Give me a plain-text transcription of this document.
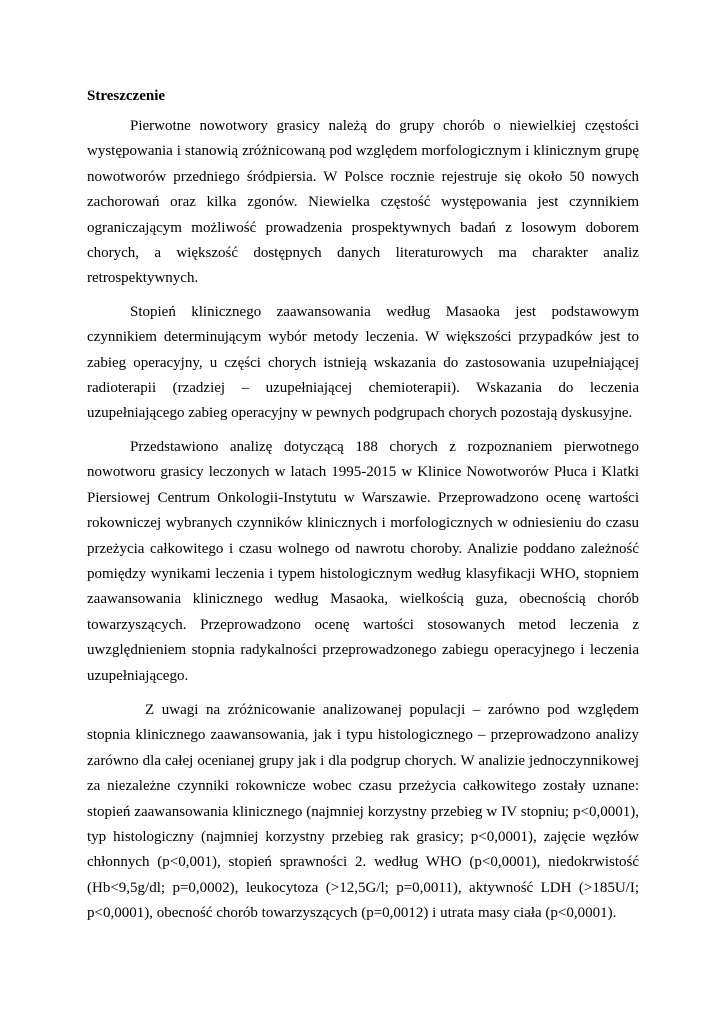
Streszczenie

Pierwotne nowotwory grasicy należą do grupy chorób o niewielkiej częstości występowania i stanowią zróżnicowaną pod względem morfologicznym i klinicznym grupę nowotworów przedniego śródpiersia. W Polsce rocznie rejestruje się około 50 nowych zachorowań oraz kilka zgonów. Niewielka częstość występowania jest czynnikiem ograniczającym możliwość prowadzenia prospektywnych badań z losowym doborem chorych, a większość dostępnych danych literaturowych ma charakter analiz retrospektywnych.

Stopień klinicznego zaawansowania według Masaoka jest podstawowym czynnikiem determinującym wybór metody leczenia. W większości przypadków jest to zabieg operacyjny, u części chorych istnieją wskazania do zastosowania uzupełniającej radioterapii (rzadziej – uzupełniającej chemioterapii). Wskazania do leczenia uzupełniającego zabieg operacyjny w pewnych podgrupach chorych pozostają dyskusyjne.

Przedstawiono analizę dotyczącą 188 chorych z rozpoznaniem pierwotnego nowotworu grasicy leczonych w latach 1995-2015 w Klinice Nowotworów Płuca i Klatki Piersiowej Centrum Onkologii-Instytutu w Warszawie. Przeprowadzono ocenę wartości rokowniczej wybranych czynników klinicznych i morfologicznych w odniesieniu do czasu przeżycia całkowitego i czasu wolnego od nawrotu choroby. Analizie poddano zależność pomiędzy wynikami leczenia i typem histologicznym według klasyfikacji WHO, stopniem zaawansowania klinicznego według Masaoka, wielkością guza, obecnością chorób towarzyszących. Przeprowadzono ocenę wartości stosowanych metod leczenia z uwzględnieniem stopnia radykalności przeprowadzonego zabiegu operacyjnego i leczenia uzupełniającego.

Z uwagi na zróżnicowanie analizowanej populacji – zarówno pod względem stopnia klinicznego zaawansowania, jak i typu histologicznego – przeprowadzono analizy zarówno dla całej ocenianej grupy jak i dla podgrup chorych. W analizie jednoczynnikowej za niezależne czynniki rokownicze wobec czasu przeżycia całkowitego zostały uznane: stopień zaawansowania klinicznego (najmniej korzystny przebieg w IV stopniu; p<0,0001), typ histologiczny (najmniej korzystny przebieg rak grasicy; p<0,0001), zajęcie węzłów chłonnych (p<0,001), stopień sprawności 2. według WHO (p<0,0001), niedokrwistość (Hb<9,5g/dl; p=0,0002), leukocytoza (>12,5G/l; p=0,0011), aktywność LDH (>185U/I; p<0,0001), obecność chorób towarzyszących (p=0,0012) i utrata masy ciała (p<0,0001).
